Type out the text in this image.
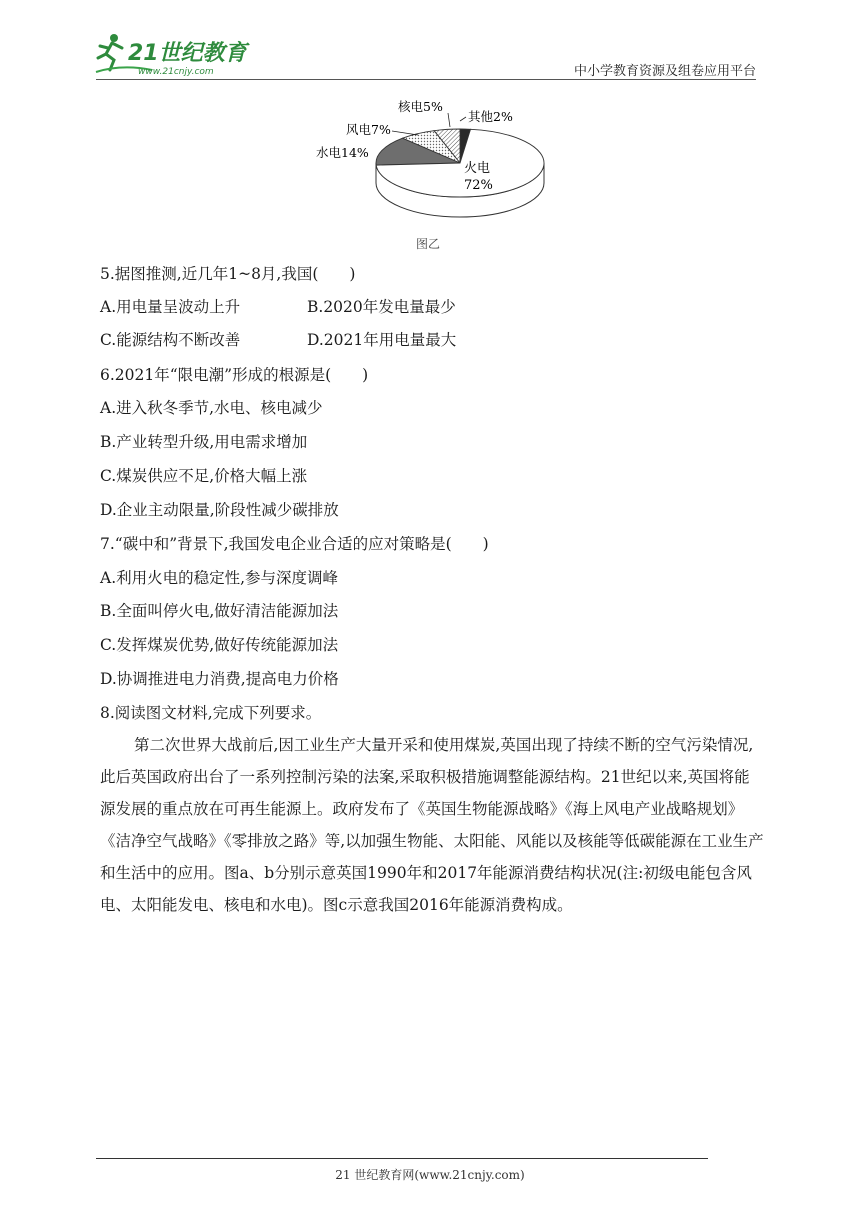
21世纪教育
www.21cnjy.com	中小学教育资源及组卷应用平台
核电5%
其他2%
风电7%
水电14%
火电
72%
图乙
5.据图推测,近几年1~8月,我国(　　)
A.用电量呈波动上升	B.2020年发电量最少
C.能源结构不断改善	D.2021年用电量最大
6.2021年“限电潮”形成的根源是(　　)
A.进入秋冬季节,水电、核电减少
B.产业转型升级,用电需求增加
C.煤炭供应不足,价格大幅上涨
D.企业主动限量,阶段性减少碳排放
7.“碳中和”背景下,我国发电企业合适的应对策略是(　　)
A.利用火电的稳定性,参与深度调峰
B.全面叫停火电,做好清洁能源加法
C.发挥煤炭优势,做好传统能源加法
D.协调推进电力消费,提高电力价格
8.阅读图文材料,完成下列要求。
第二次世界大战前后,因工业生产大量开采和使用煤炭,英国出现了持续不断的空气污染情况,此后英国政府出台了一系列控制污染的法案,采取积极措施调整能源结构。21世纪以来,英国将能源发展的重点放在可再生能源上。政府发布了《英国生物能源战略》《海上风电产业战略规划》《洁净空气战略》《零排放之路》等,以加强生物能、太阳能、风能以及核能等低碳能源在工业生产和生活中的应用。图a、b分别示意英国1990年和2017年能源消费结构状况(注:初级电能包含风电、太阳能发电、核电和水电)。图c示意我国2016年能源消费构成。
21 世纪教育网(www.21cnjy.com)
